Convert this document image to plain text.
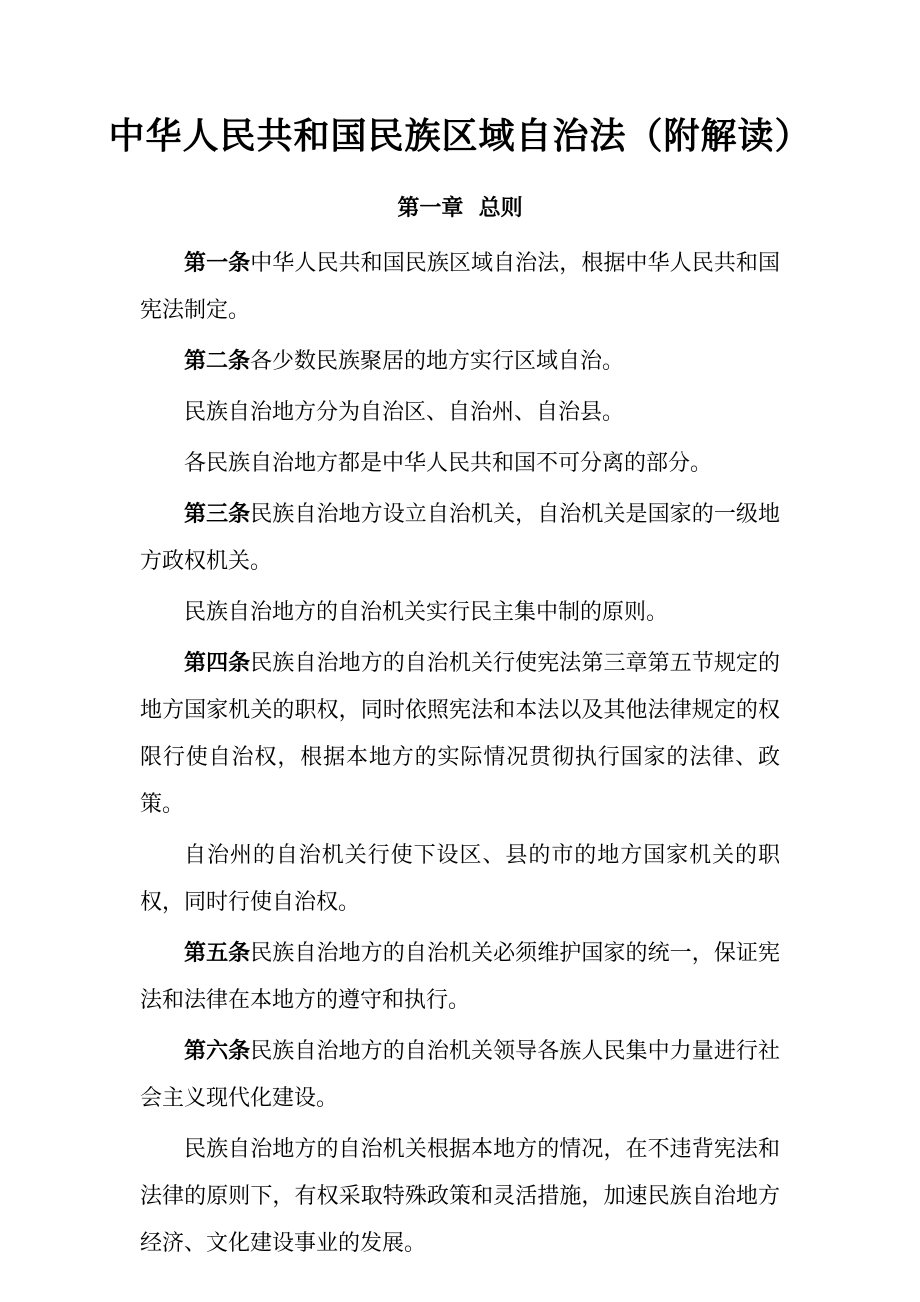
中华人民共和国民族区域自治法（附解读）
第一章  总则

第一条中华人民共和国民族区域自治法，根据中华人民共和国宪法制定。

第二条各少数民族聚居的地方实行区域自治。

民族自治地方分为自治区、自治州、自治县。

各民族自治地方都是中华人民共和国不可分离的部分。

第三条民族自治地方设立自治机关，自治机关是国家的一级地方政权机关。

民族自治地方的自治机关实行民主集中制的原则。

第四条民族自治地方的自治机关行使宪法第三章第五节规定的地方国家机关的职权，同时依照宪法和本法以及其他法律规定的权限行使自治权，根据本地方的实际情况贯彻执行国家的法律、政策。

自治州的自治机关行使下设区、县的市的地方国家机关的职权，同时行使自治权。

第五条民族自治地方的自治机关必须维护国家的统一，保证宪法和法律在本地方的遵守和执行。

第六条民族自治地方的自治机关领导各族人民集中力量进行社会主义现代化建设。

民族自治地方的自治机关根据本地方的情况，在不违背宪法和法律的原则下，有权采取特殊政策和灵活措施，加速民族自治地方经济、文化建设事业的发展。
